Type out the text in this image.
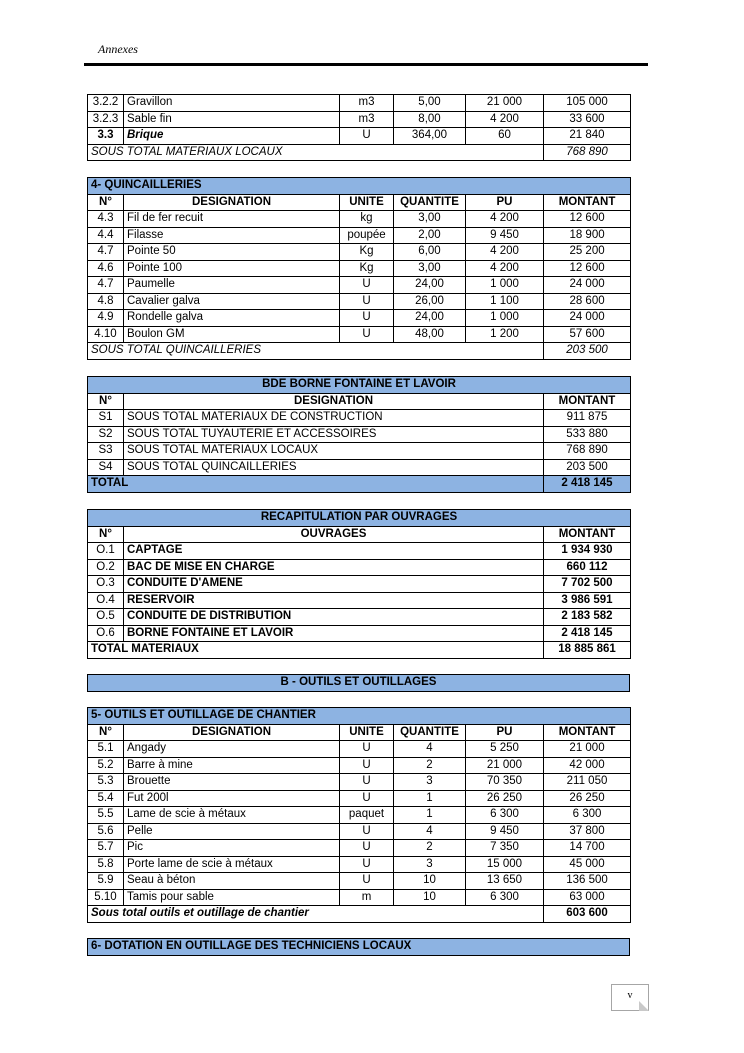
Annexes
3.2.2	Gravillon	m3	5,00	21 000	105 000
3.2.3	Sable fin	m3	8,00	4 200	33 600
3.3	Brique	U	364,00	60	21 840
SOUS TOTAL MATERIAUX LOCAUX					768 890
4- QUINCAILLERIES					
N°	DESIGNATION	UNITE	QUANTITE	PU	MONTANT
4.3	Fil de fer recuit	kg	3,00	4 200	12 600
4.4	Filasse	poupée	2,00	9 450	18 900
4.7	Pointe 50	Kg	6,00	4 200	25 200
4.6	Pointe 100	Kg	3,00	4 200	12 600
4.7	Paumelle	U	24,00	1 000	24 000
4.8	Cavalier galva	U	26,00	1 100	28 600
4.9	Rondelle galva	U	24,00	1 000	24 000
4.10	Boulon GM	U	48,00	1 200	57 600
SOUS TOTAL QUINCAILLERIES					203 500
BDE BORNE FONTAINE ET LAVOIR		
N°	DESIGNATION	MONTANT
S1	SOUS TOTAL MATERIAUX DE CONSTRUCTION	911 875
S2	SOUS TOTAL TUYAUTERIE ET ACCESSOIRES	533 880
S3	SOUS TOTAL MATERIAUX LOCAUX	768 890
S4	SOUS TOTAL QUINCAILLERIES	203 500
TOTAL		2 418 145
RECAPITULATION PAR OUVRAGES		
N°	OUVRAGES	MONTANT
O.1	CAPTAGE	1 934 930
O.2	BAC DE MISE EN CHARGE	660 112
O.3	CONDUITE D'AMENE	7 702 500
O.4	RESERVOIR	3 986 591
O.5	CONDUITE DE DISTRIBUTION	2 183 582
O.6	BORNE FONTAINE ET LAVOIR	2 418 145
TOTAL MATERIAUX		18 885 861
B - OUTILS ET OUTILLAGES
5- OUTILS ET OUTILLAGE DE CHANTIER					
N°	DESIGNATION	UNITE	QUANTITE	PU	MONTANT
5.1	Angady	U	4	5 250	21 000
5.2	Barre à mine	U	2	21 000	42 000
5.3	Brouette	U	3	70 350	211 050
5.4	Fut 200l	U	1	26 250	26 250
5.5	Lame de scie à métaux	paquet	1	6 300	6 300
5.6	Pelle	U	4	9 450	37 800
5.7	Pic	U	2	7 350	14 700
5.8	Porte lame de scie à métaux	U	3	15 000	45 000
5.9	Seau à béton	U	10	13 650	136 500
5.10	Tamis pour sable	m	10	6 300	63 000
Sous total outils et outillage de chantier					603 600
6- DOTATION EN OUTILLAGE DES TECHNICIENS LOCAUX
v
